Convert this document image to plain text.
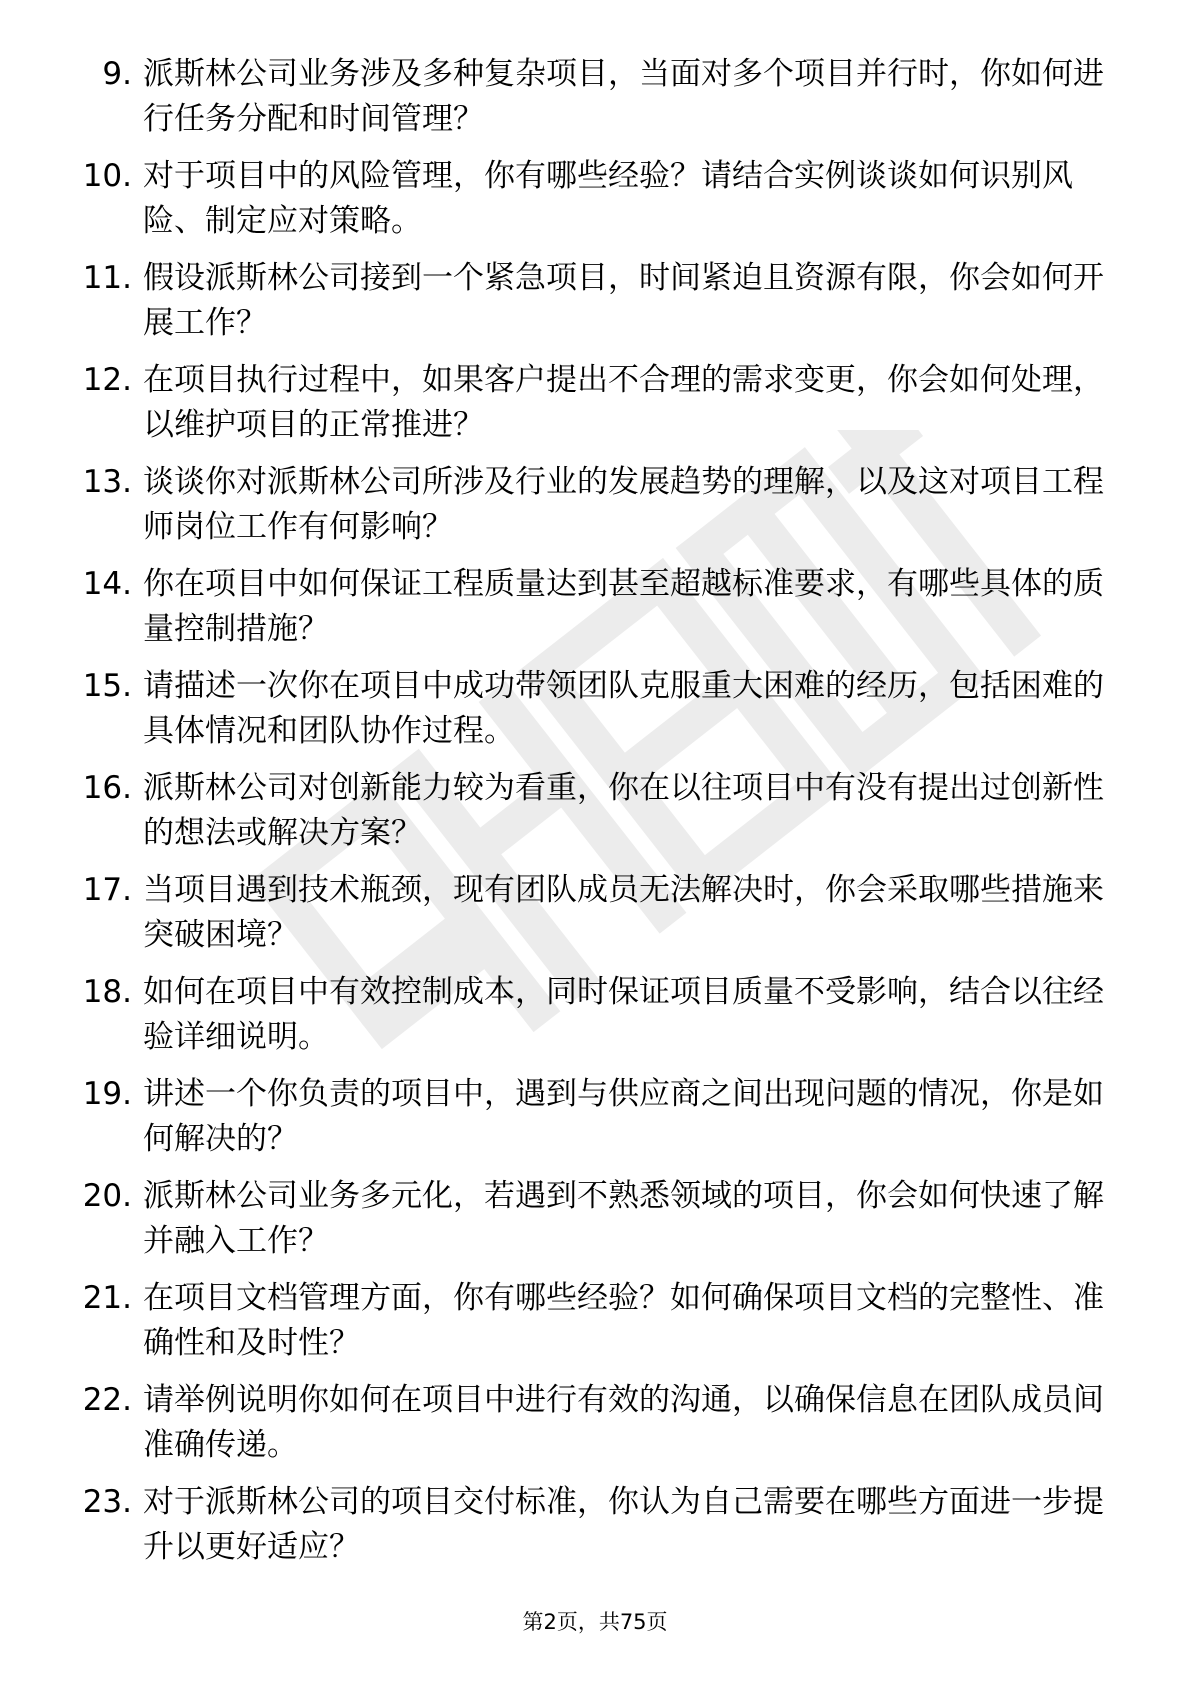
9. 派斯林公司业务涉及多种复杂项目，当面对多个项目并行时，你如何进行任务分配和时间管理？
10. 对于项目中的风险管理，你有哪些经验？请结合实例谈谈如何识别风险、制定应对策略。
11. 假设派斯林公司接到一个紧急项目，时间紧迫且资源有限，你会如何开展工作？
12. 在项目执行过程中，如果客户提出不合理的需求变更，你会如何处理，以维护项目的正常推进？
13. 谈谈你对派斯林公司所涉及行业的发展趋势的理解，以及这对项目工程师岗位工作有何影响？
14. 你在项目中如何保证工程质量达到甚至超越标准要求，有哪些具体的质量控制措施？
15. 请描述一次你在项目中成功带领团队克服重大困难的经历，包括困难的具体情况和团队协作过程。
16. 派斯林公司对创新能力较为看重，你在以往项目中有没有提出过创新性的想法或解决方案？
17. 当项目遇到技术瓶颈，现有团队成员无法解决时，你会采取哪些措施来突破困境？
18. 如何在项目中有效控制成本，同时保证项目质量不受影响，结合以往经验详细说明。
19. 讲述一个你负责的项目中，遇到与供应商之间出现问题的情况，你是如何解决的？
20. 派斯林公司业务多元化，若遇到不熟悉领域的项目，你会如何快速了解并融入工作？
21. 在项目文档管理方面，你有哪些经验？如何确保项目文档的完整性、准确性和及时性？
22. 请举例说明你如何在项目中进行有效的沟通，以确保信息在团队成员间准确传递。
23. 对于派斯林公司的项目交付标准，你认为自己需要在哪些方面进一步提升以更好适应？
第2页，共75页
